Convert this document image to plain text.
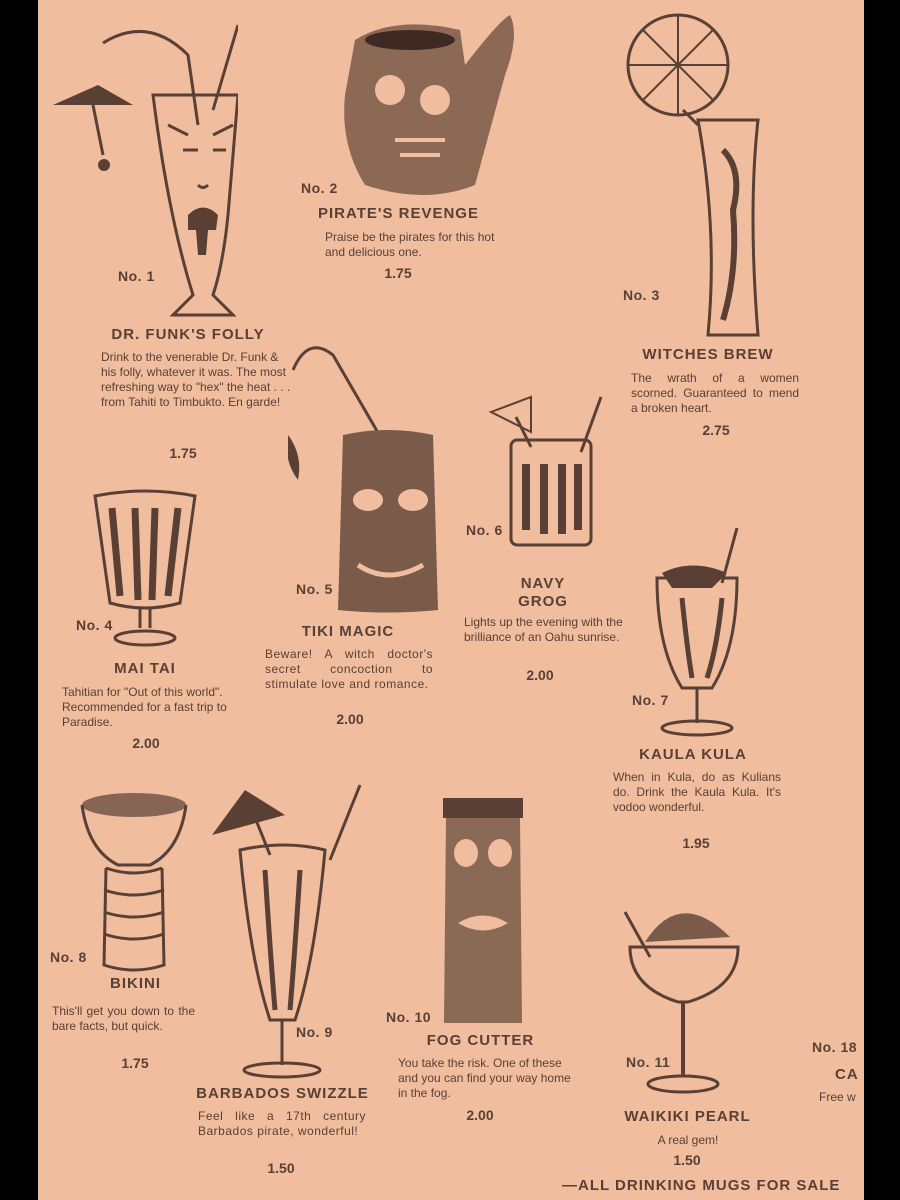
No. 1
DR. FUNK'S FOLLY
Drink to the venerable Dr. Funk & his folly, whatever it was. The most refreshing way to "hex" the heat . . . from Tahiti to Timbukto. En garde!
1.75
No. 2
PIRATE'S REVENGE
Praise be the pirates for this hot and delicious one.
1.75
No. 3
WITCHES BREW
The wrath of a women scorned. Guaranteed to mend a broken heart.
2.75
No. 4
MAI TAI
Tahitian for "Out of this world". Recommended for a fast trip to Paradise.
2.00
No. 5
TIKI MAGIC
Beware! A witch doctor's secret concoction to stimulate love and romance.
2.00
No. 6
NAVY GROG
Lights up the evening with the brilliance of an Oahu sunrise.
2.00
No. 7
KAULA KULA
When in Kula, do as Kulians do. Drink the Kaula Kula. It's vodoo wonderful.
1.95
No. 8
BIKINI
This'll get you down to the bare facts, but quick.
1.75
No. 9
BARBADOS SWIZZLE
Feel like a 17th century Barbados pirate, wonderful!
1.50
No. 10
FOG CUTTER
You take the risk. One of these and you can find your way home in the fog.
2.00
No. 11
WAIKIKI PEARL
A real gem!
1.50
No. 18
CA
Free w
—ALL DRINKING MUGS FOR SALE
